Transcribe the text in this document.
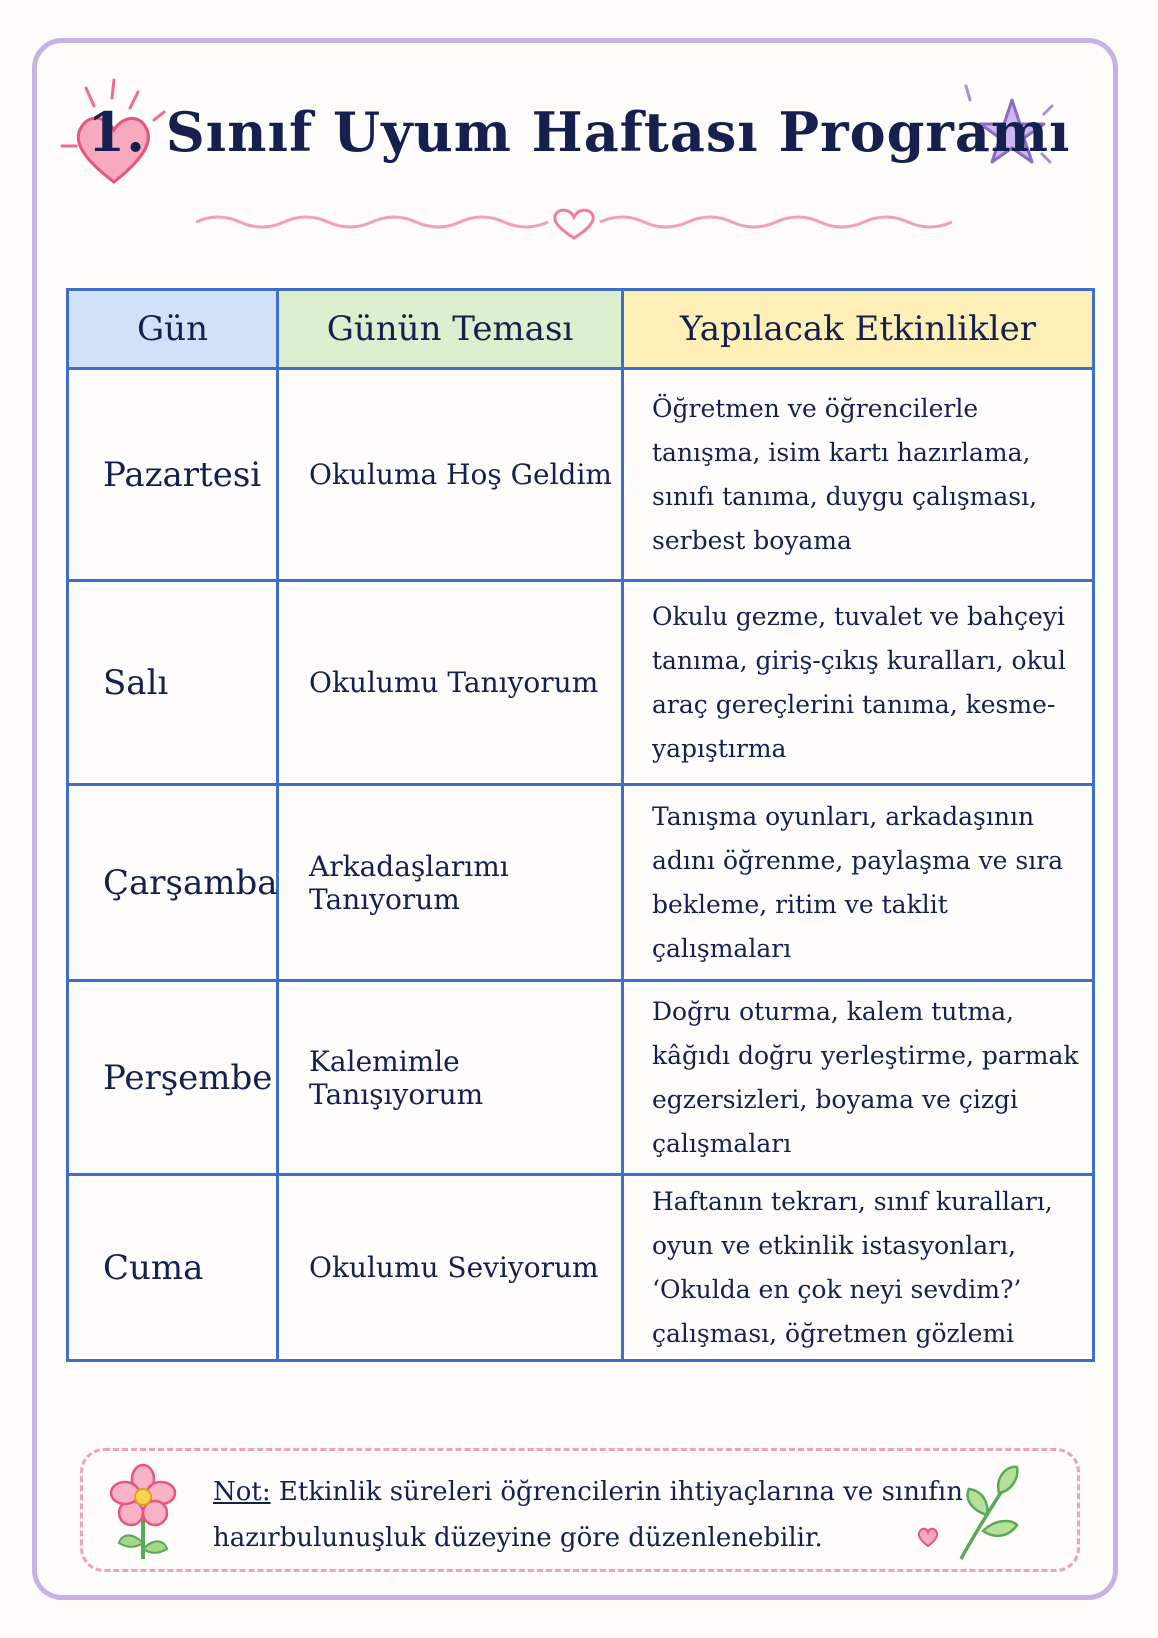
1. Sınıf Uyum Haftası Programı
Gün	Günün Teması	Yapılacak Etkinlikler
Pazartesi	Okuluma Hoş Geldim	Öğretmen ve öğrencilerle tanışma, isim kartı hazırlama, sınıfı tanıma, duygu çalışması, serbest boyama
Salı	Okulumu Tanıyorum	Okulu gezme, tuvalet ve bahçeyi tanıma, giriş-çıkış kuralları, okul araç gereçlerini tanıma, kesme-yapıştırma
Çarşamba	Arkadaşlarımı Tanıyorum	Tanışma oyunları, arkadaşının adını öğrenme, paylaşma ve sıra bekleme, ritim ve taklit çalışmaları
Perşembe	Kalemimle Tanışıyorum	Doğru oturma, kalem tutma, kâğıdı doğru yerleştirme, parmak egzersizleri, boyama ve çizgi çalışmaları
Cuma	Okulumu Seviyorum	Haftanın tekrarı, sınıf kuralları, oyun ve etkinlik istasyonları, ‘Okulda en çok neyi sevdim?’ çalışması, öğretmen gözlemi
Not: Etkinlik süreleri öğrencilerin ihtiyaçlarına ve sınıfın hazırbulunuşluk düzeyine göre düzenlenebilir.
